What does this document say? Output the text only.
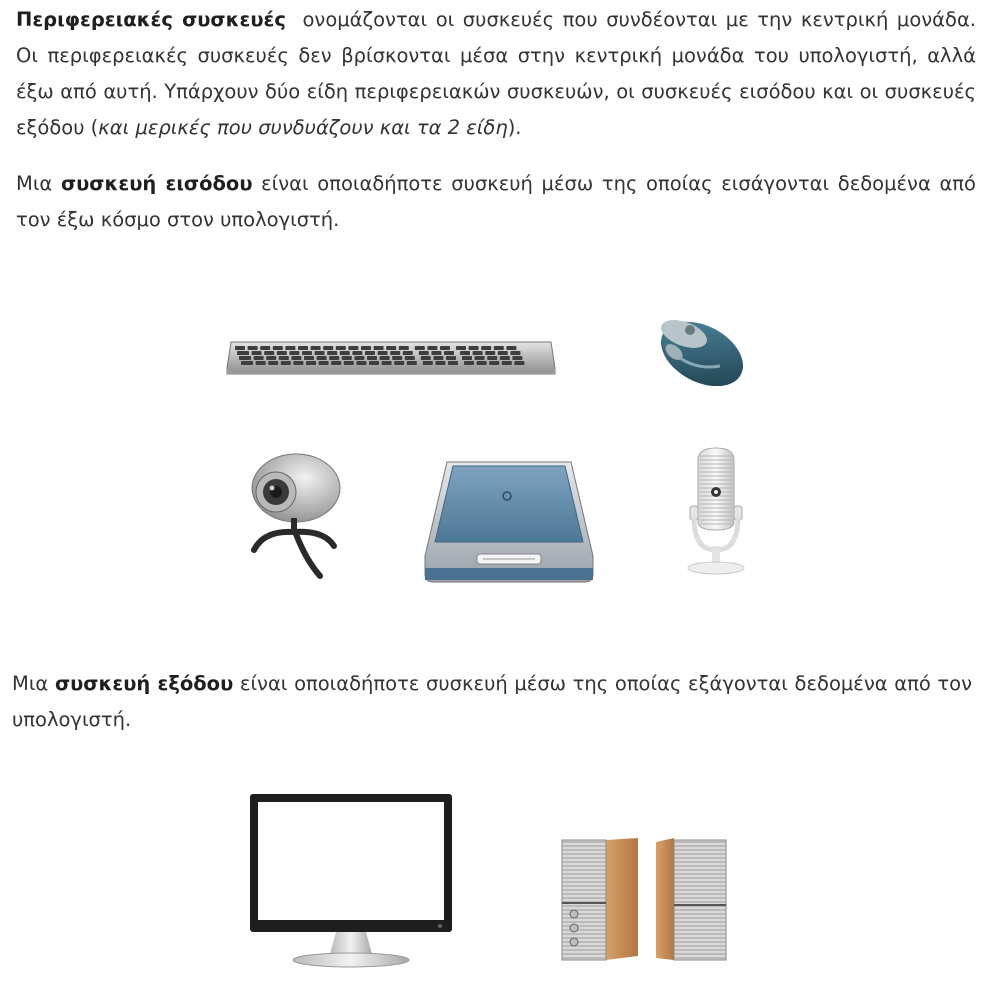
Περιφερειακές συσκευές ονομάζονται οι συσκευές που συνδέονται με την κεντρική μονάδα. Οι περιφερειακές συσκευές δεν βρίσκονται μέσα στην κεντρική μονάδα του υπολογιστή, αλλά έξω από αυτή. Υπάρχουν δύο είδη περιφερειακών συσκευών, οι συσκευές εισόδου και οι συσκευές εξόδου (και μερικές που συνδυάζουν και τα 2 είδη).

Μια συσκευή εισόδου είναι οποιαδήποτε συσκευή μέσω της οποίας εισάγονται δεδομένα από τον έξω κόσμο στον υπολογιστή.

Μια συσκευή εξόδου είναι οποιαδήποτε συσκευή μέσω της οποίας εξάγονται δεδομένα από τον υπολογιστή.
